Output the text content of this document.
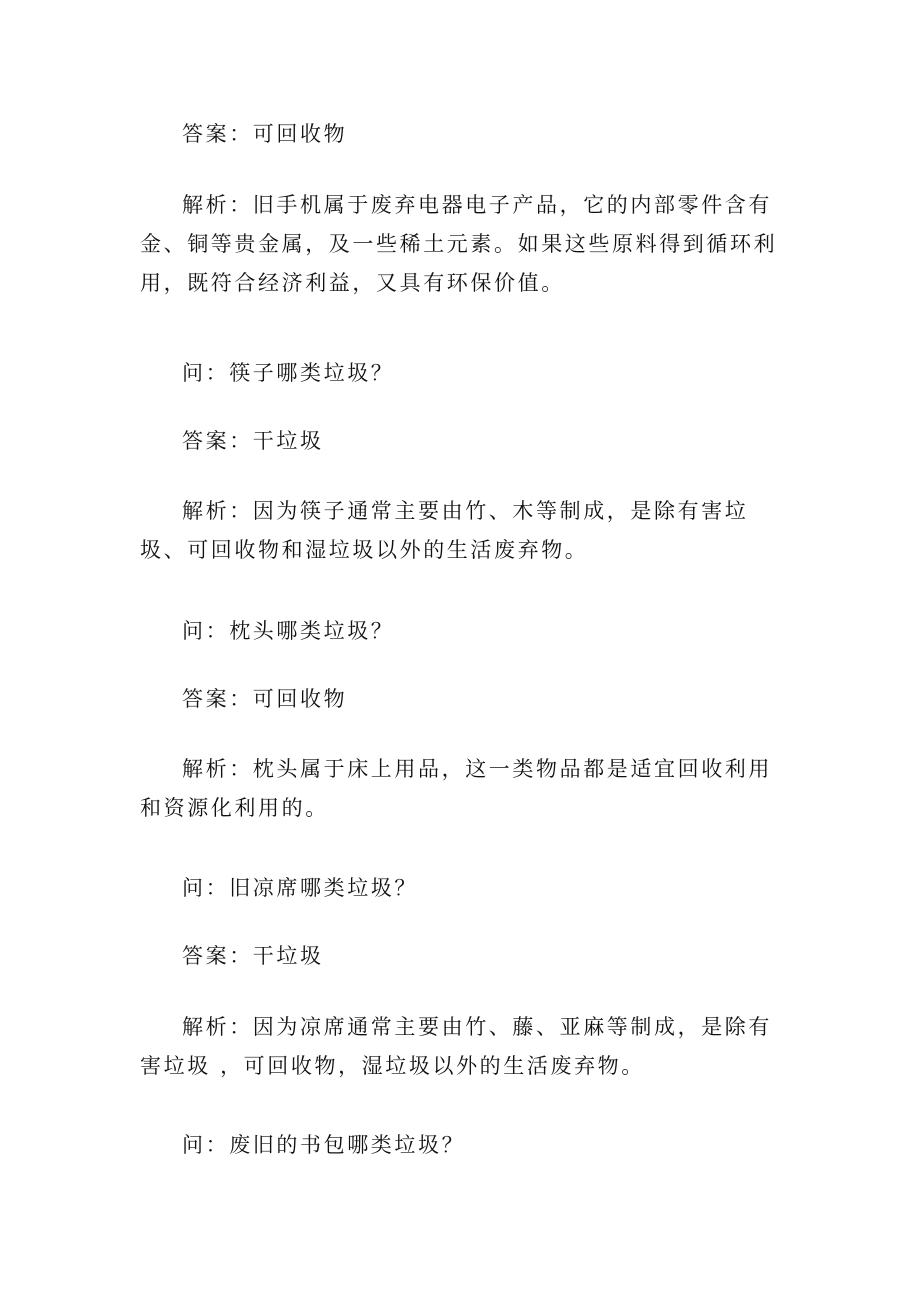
答案：可回收物

解析：旧手机属于废弃电器电子产品，它的内部零件含有金、铜等贵金属，及一些稀土元素。如果这些原料得到循环利用，既符合经济利益，又具有环保价值。

问：筷子哪类垃圾？

答案：干垃圾

解析：因为筷子通常主要由竹、木等制成，是除有害垃圾、可回收物和湿垃圾以外的生活废弃物。

问：枕头哪类垃圾？

答案：可回收物

解析：枕头属于床上用品，这一类物品都是适宜回收利用和资源化利用的。

问：旧凉席哪类垃圾？

答案：干垃圾

解析：因为凉席通常主要由竹、藤、亚麻等制成，是除有害垃圾 ，可回收物，湿垃圾以外的生活废弃物。

问：废旧的书包哪类垃圾？
